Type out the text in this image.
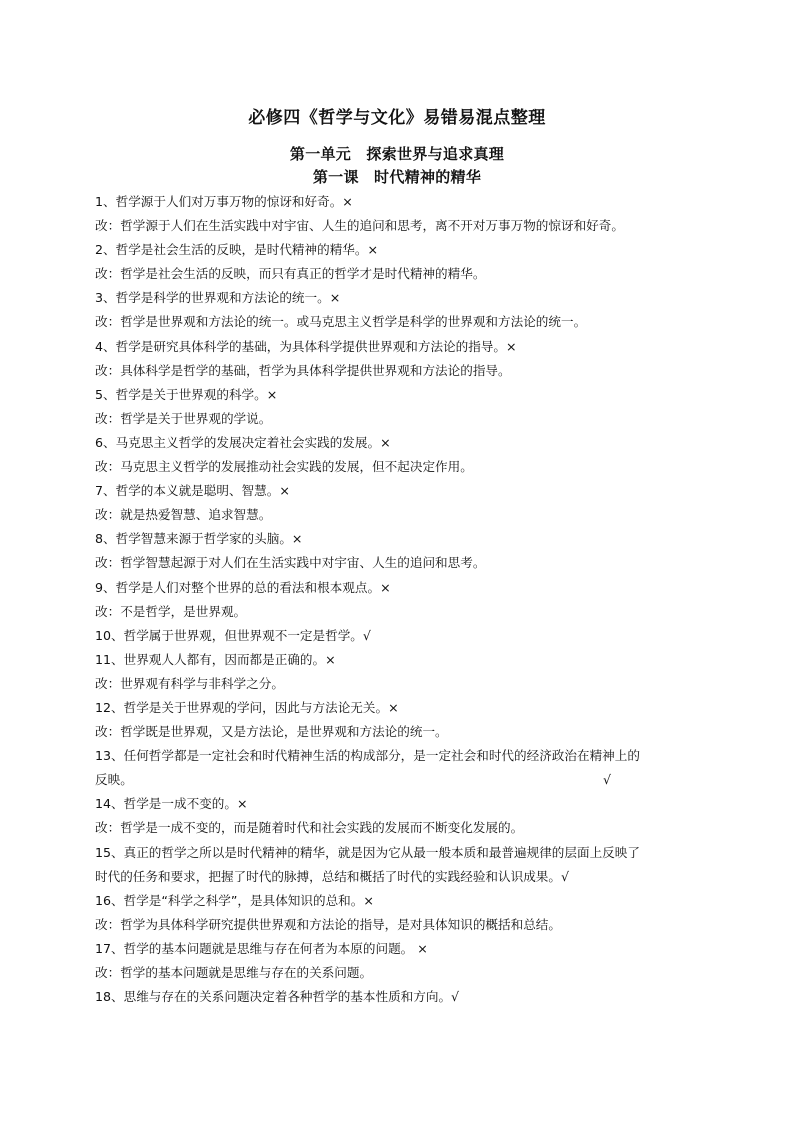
必修四《哲学与文化》易错易混点整理
第一单元　探索世界与追求真理
第一课　时代精神的精华
1、哲学源于人们对万事万物的惊讶和好奇。×
改：哲学源于人们在生活实践中对宇宙、人生的追问和思考，离不开对万事万物的惊讶和好奇。
2、哲学是社会生活的反映，是时代精神的精华。×
改：哲学是社会生活的反映，而只有真正的哲学才是时代精神的精华。
3、哲学是科学的世界观和方法论的统一。×
改：哲学是世界观和方法论的统一。或马克思主义哲学是科学的世界观和方法论的统一。
4、哲学是研究具体科学的基础，为具体科学提供世界观和方法论的指导。×
改：具体科学是哲学的基础，哲学为具体科学提供世界观和方法论的指导。
5、哲学是关于世界观的科学。×
改：哲学是关于世界观的学说。
6、马克思主义哲学的发展决定着社会实践的发展。×
改：马克思主义哲学的发展推动社会实践的发展，但不起决定作用。
7、哲学的本义就是聪明、智慧。×
改：就是热爱智慧、追求智慧。
8、哲学智慧来源于哲学家的头脑。×
改：哲学智慧起源于对人们在生活实践中对宇宙、人生的追问和思考。
9、哲学是人们对整个世界的总的看法和根本观点。×
改：不是哲学，是世界观。
10、哲学属于世界观，但世界观不一定是哲学。√
11、世界观人人都有，因而都是正确的。×
改：世界观有科学与非科学之分。
12、哲学是关于世界观的学问，因此与方法论无关。×
改：哲学既是世界观，又是方法论，是世界观和方法论的统一。
13、任何哲学都是一定社会和时代精神生活的构成部分，是一定社会和时代的经济政治在精神上的
反映。	√
14、哲学是一成不变的。×
改：哲学是一成不变的，而是随着时代和社会实践的发展而不断变化发展的。
15、真正的哲学之所以是时代精神的精华，就是因为它从最一般本质和最普遍规律的层面上反映了
时代的任务和要求，把握了时代的脉搏，总结和概括了时代的实践经验和认识成果。√
16、哲学是“科学之科学”，是具体知识的总和。×
改：哲学为具体科学研究提供世界观和方法论的指导，是对具体知识的概括和总结。
17、哲学的基本问题就是思维与存在何者为本原的问题。 ×
改：哲学的基本问题就是思维与存在的关系问题。
18、思维与存在的关系问题决定着各种哲学的基本性质和方向。√
